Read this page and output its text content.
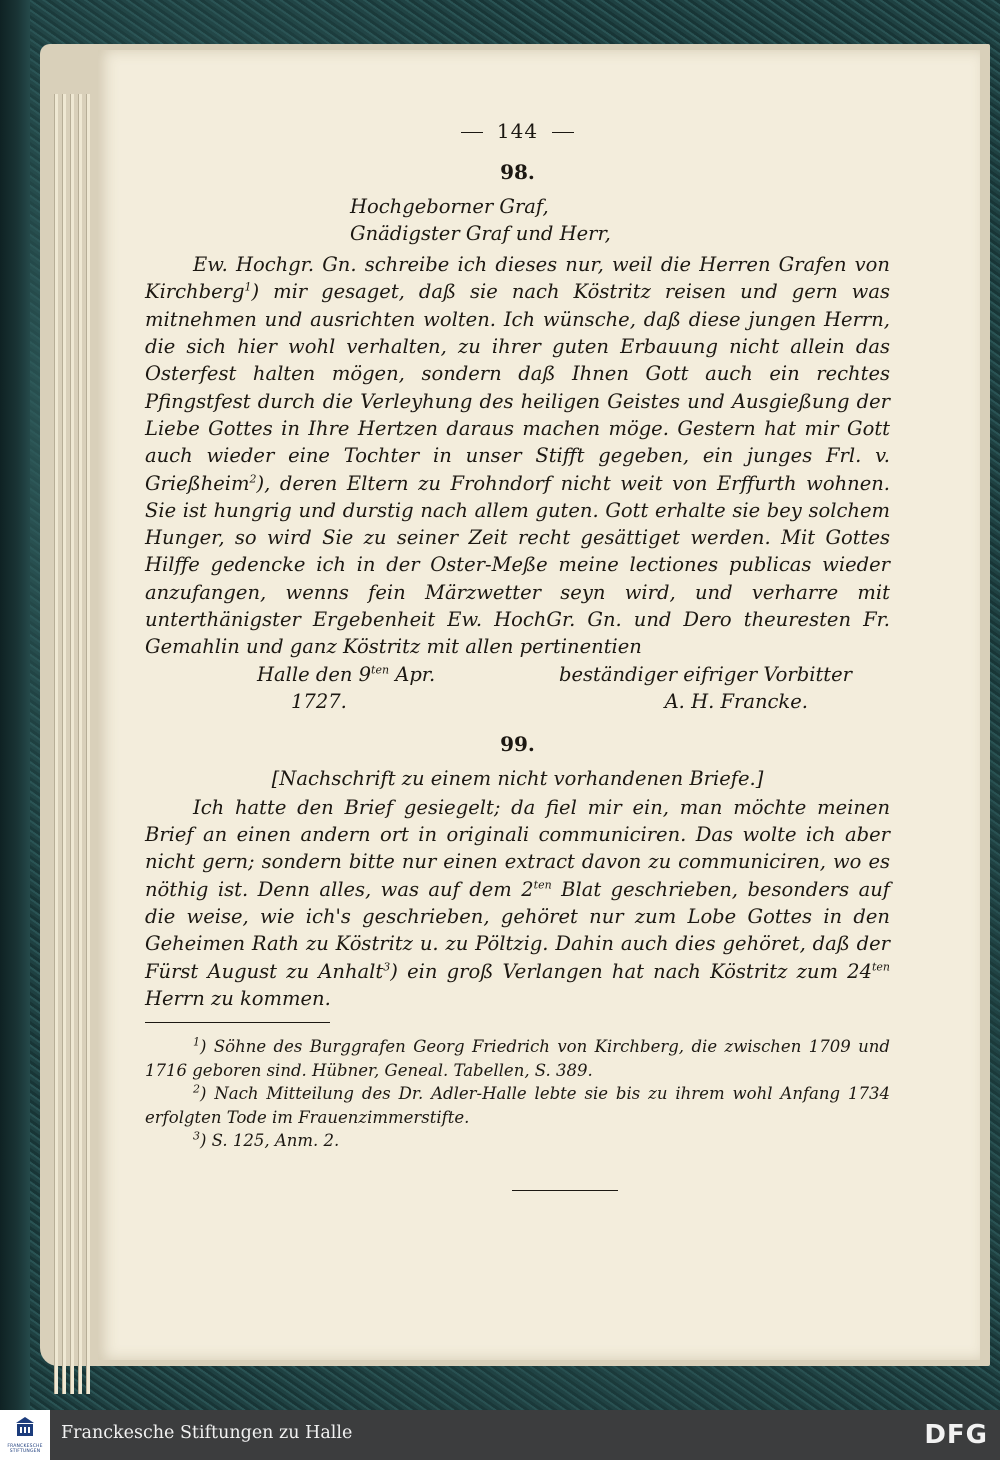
144
98.
Hochgeborner Graf,
Gnädigster Graf und Herr,

Ew. Hochgr. Gn. schreibe ich dieses nur, weil die Herren Grafen von Kirchberg$^1$) mir gesaget, daß sie nach Köstritz reisen und gern was mitnehmen und ausrichten wolten. Ich wünsche, daß diese jungen Herrn, die sich hier wohl verhalten, zu ihrer guten Erbauung nicht allein das Osterfest halten mögen, sondern daß Ihnen Gott auch ein rechtes Pfingstfest durch die Verleyhung des heiligen Geistes und Ausgießung der Liebe Gottes in Ihre Hertzen daraus machen möge. Gestern hat mir Gott auch wieder eine Tochter in unser Stifft gegeben, ein junges Frl. v. Grießheim$^2$), deren Eltern zu Frohndorf nicht weit von Erffurth wohnen. Sie ist hungrig und durstig nach allem guten. Gott erhalte sie bey solchem Hunger, so wird Sie zu seiner Zeit recht gesättiget werden. Mit Gottes Hilffe gedencke ich in der Oster-Meße meine lectiones publicas wieder anzufangen, wenns fein Märzwetter seyn wird, und verharre mit unterthänigster Ergebenheit Ew. HochGr. Gn. und Dero theuresten Fr. Gemahlin und ganz Köstritz mit allen pertinentien

Halle den $9^{ten}$ Apr.	beständiger eifriger Vorbitter
1727.	A. H. Francke.
99.
[Nachschrift zu einem nicht vorhandenen Briefe.]

Ich hatte den Brief gesiegelt; da fiel mir ein, man möchte meinen Brief an einen andern ort in originali communiciren. Das wolte ich aber nicht gern; sondern bitte nur einen extract davon zu communiciren, wo es nöthig ist. Denn alles, was auf dem $2^{ten}$ Blat geschrieben, besonders auf die weise, wie ich's geschrieben, gehöret nur zum Lobe Gottes in den Geheimen Rath zu Köstritz u. zu Pöltzig. Dahin auch dies gehöret, daß der Fürst August zu Anhalt$^3$) ein groß Verlangen hat nach Köstritz zum $24^{ten}$ Herrn zu kommen.

$^1$) Söhne des Burggrafen Georg Friedrich von Kirchberg, die zwischen 1709 und 1716 geboren sind. Hübner, Geneal. Tabellen, S. 389.

$^2$) Nach Mitteilung des Dr. Adler-Halle lebte sie bis zu ihrem wohl Anfang 1734 erfolgten Tode im Frauenzimmerstifte.

$^3$) S. 125, Anm. 2.

FRANCKESCHE
STIFTUNGEN
Franckesche Stiftungen zu Halle	DFG
